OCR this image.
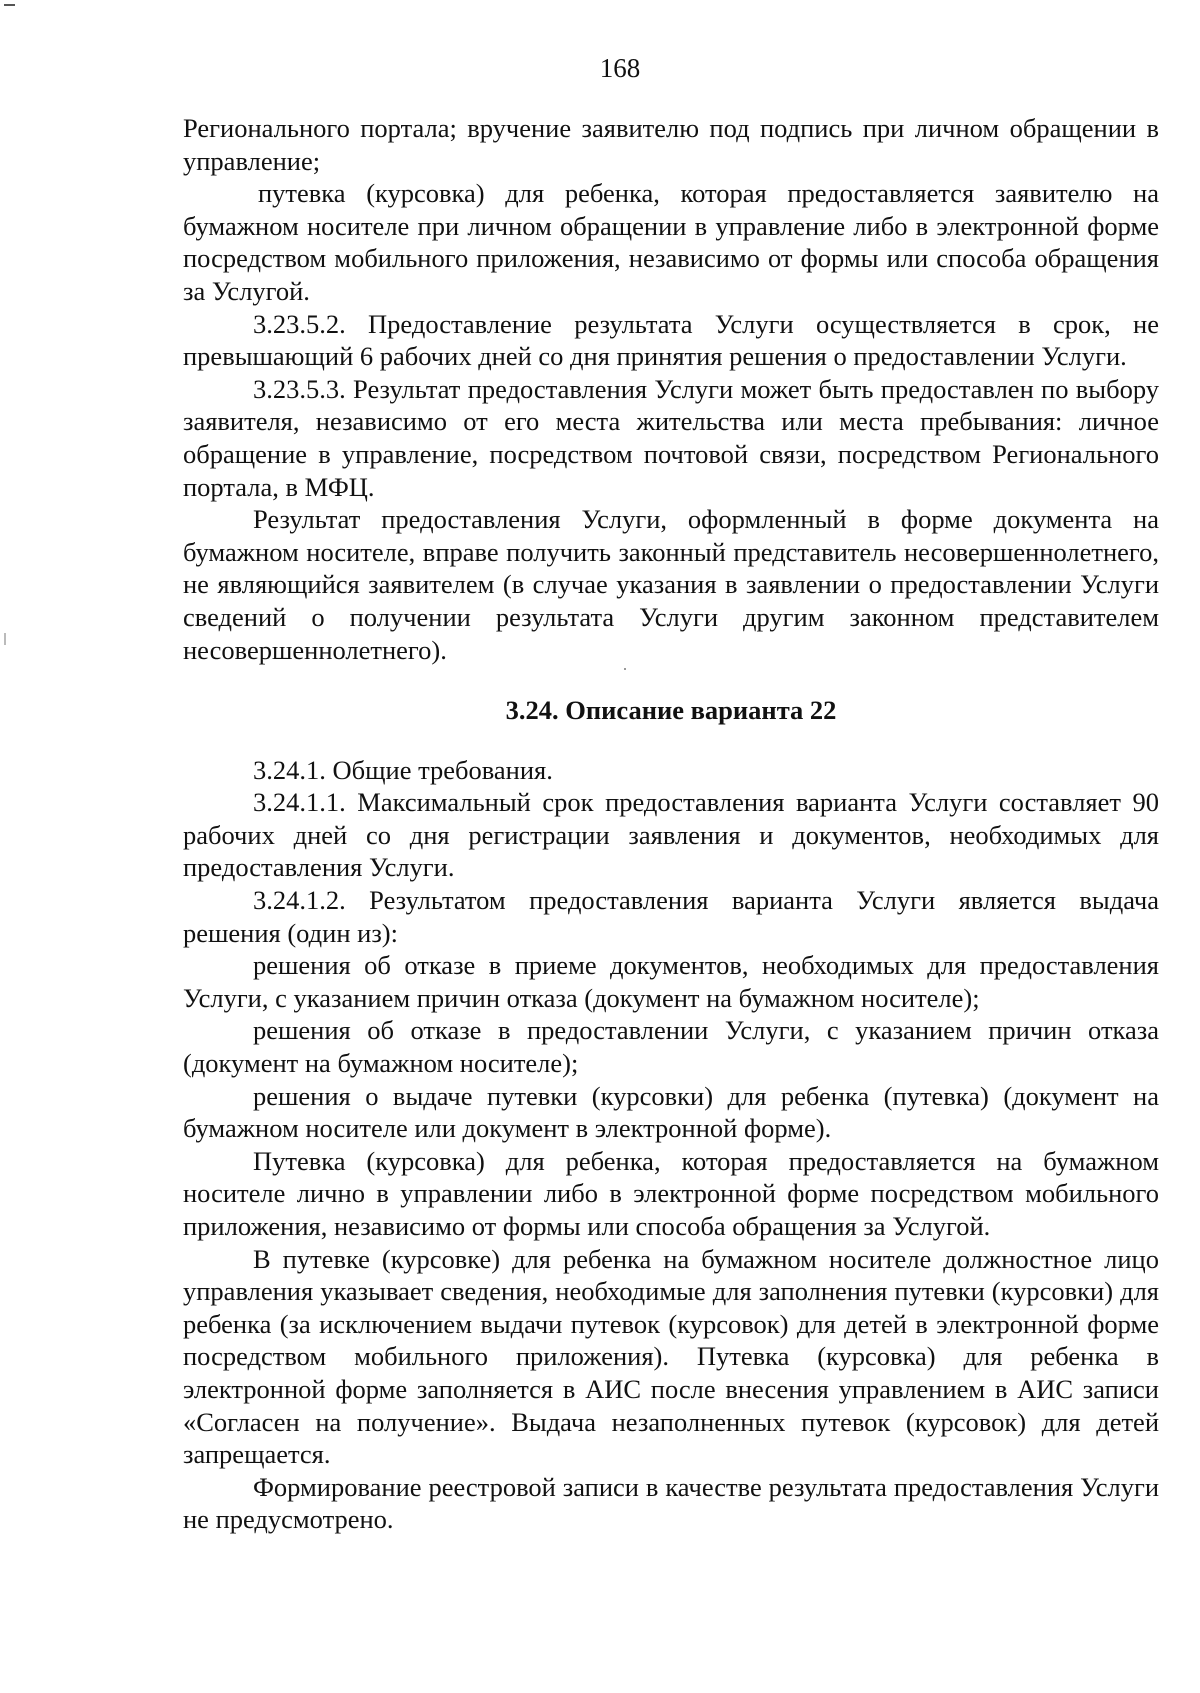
168

Регионального портала; вручение заявителю под подпись при личном обращении в управление;

путевка (курсовка) для ребенка, которая предоставляется заявителю на бумажном носителе при личном обращении в управление либо в электронной форме посредством мобильного приложения, независимо от формы или способа обращения за Услугой.

3.23.5.2. Предоставление результата Услуги осуществляется в срок, не превышающий 6 рабочих дней со дня принятия решения о предоставлении Услуги.

3.23.5.3. Результат предоставления Услуги может быть предоставлен по выбору заявителя, независимо от его места жительства или места пребывания: личное обращение в управление, посредством почтовой связи, посредством Регионального портала, в МФЦ.

Результат предоставления Услуги, оформленный в форме документа на бумажном носителе, вправе получить законный представитель несовершеннолетнего, не являющийся заявителем (в случае указания в заявлении о предоставлении Услуги сведений о получении результата Услуги другим законном представителем несовершеннолетнего).

3.24. Описание варианта 22

3.24.1. Общие требования.

3.24.1.1. Максимальный срок предоставления варианта Услуги составляет 90 рабочих дней со дня регистрации заявления и документов, необходимых для предоставления Услуги.

3.24.1.2. Результатом предоставления варианта Услуги является выдача решения (один из):

решения об отказе в приеме документов, необходимых для предоставления Услуги, с указанием причин отказа (документ на бумажном носителе);

решения об отказе в предоставлении Услуги, с указанием причин отказа (документ на бумажном носителе);

решения о выдаче путевки (курсовки) для ребенка (путевка) (документ на бумажном носителе или документ в электронной форме).

Путевка (курсовка) для ребенка, которая предоставляется на бумажном носителе лично в управлении либо в электронной форме посредством мобильного приложения, независимо от формы или способа обращения за Услугой.

В путевке (курсовке) для ребенка на бумажном носителе должностное лицо управления указывает сведения, необходимые для заполнения путевки (курсовки) для ребенка (за исключением выдачи путевок (курсовок) для детей в электронной форме посредством мобильного приложения). Путевка (курсовка) для ребенка в электронной форме заполняется в АИС после внесения управлением в АИС записи «Согласен на получение». Выдача незаполненных путевок (курсовок) для детей запрещается.

Формирование реестровой записи в качестве результата предоставления Услуги не предусмотрено.
